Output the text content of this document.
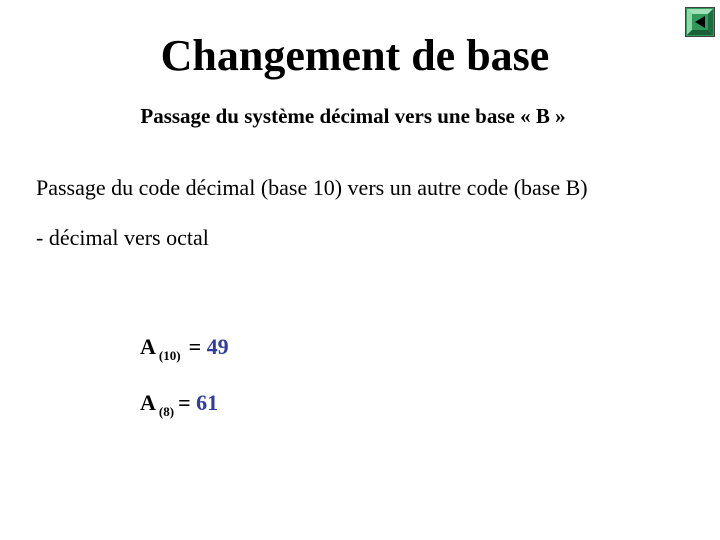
Changement de base
Passage du système décimal vers une base « B »
Passage du code décimal (base 10) vers un autre code (base B)
- décimal vers octal
A $_{(10)}$ = 49
A $_{(8)}$ = 61
